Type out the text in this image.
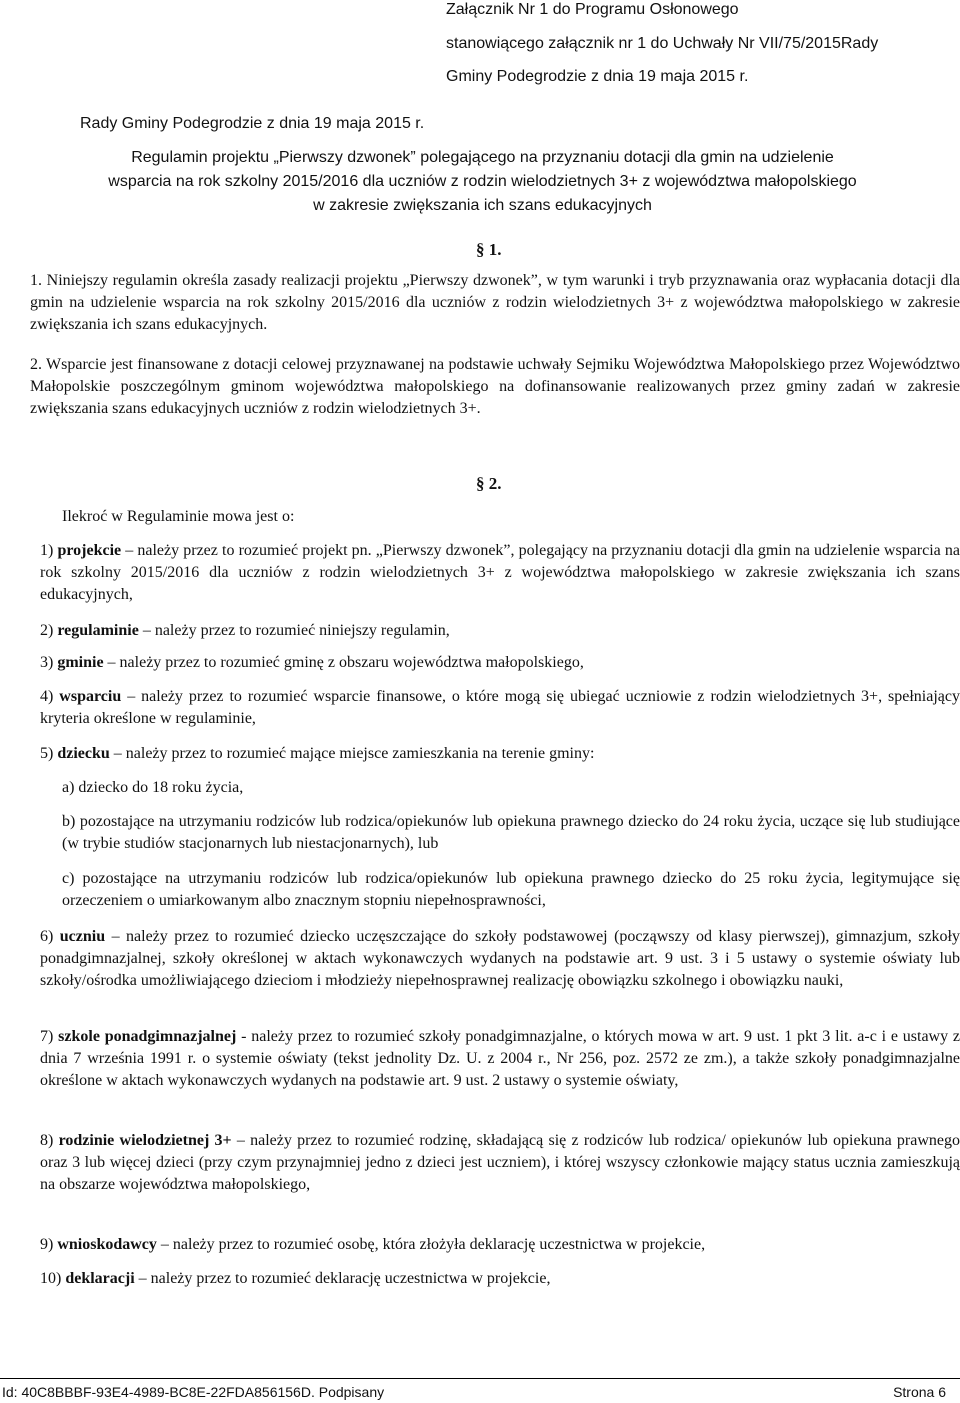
Załącznik Nr 1 do Programu Osłonowego
stanowiącego załącznik nr 1 do Uchwały Nr VII/75/2015Rady
Gminy Podegrodzie z dnia 19 maja 2015 r.
Rady Gminy Podegrodzie z dnia 19 maja 2015 r.
Regulamin projektu „Pierwszy dzwonek” polegającego na przyznaniu dotacji dla gmin na udzielenie
wsparcia na rok szkolny 2015/2016 dla uczniów z rodzin wielodzietnych 3+ z województwa małopolskiego
w zakresie zwiększania ich szans edukacyjnych
§ 1.
1. Niniejszy regulamin określa zasady realizacji projektu „Pierwszy dzwonek”, w tym warunki i tryb przyznawania oraz wypłacania dotacji dla gmin na udzielenie wsparcia na rok szkolny 2015/2016 dla uczniów z rodzin wielodzietnych 3+ z województwa małopolskiego w zakresie zwiększania ich szans edukacyjnych.
2. Wsparcie jest finansowane z dotacji celowej przyznawanej na podstawie uchwały Sejmiku Województwa Małopolskiego przez Województwo Małopolskie poszczególnym gminom województwa małopolskiego na dofinansowanie realizowanych przez gminy zadań w zakresie zwiększania szans edukacyjnych uczniów z rodzin wielodzietnych 3+.
§ 2.
Ilekroć w Regulaminie mowa jest o:
1) projekcie – należy przez to rozumieć projekt pn. „Pierwszy dzwonek”, polegający na przyznaniu dotacji dla gmin na udzielenie wsparcia na rok szkolny 2015/2016 dla uczniów z rodzin wielodzietnych 3+ z województwa małopolskiego w zakresie zwiększania ich szans edukacyjnych,
2) regulaminie – należy przez to rozumieć niniejszy regulamin,
3) gminie – należy przez to rozumieć gminę z obszaru województwa małopolskiego,
4) wsparciu – należy przez to rozumieć wsparcie finansowe, o które mogą się ubiegać uczniowie z rodzin wielodzietnych 3+, spełniający kryteria określone w regulaminie,
5) dziecku – należy przez to rozumieć mające miejsce zamieszkania na terenie gminy:
a) dziecko do 18 roku życia,
b) pozostające na utrzymaniu rodziców lub rodzica/opiekunów lub opiekuna prawnego dziecko do 24 roku życia, uczące się lub studiujące (w trybie studiów stacjonarnych lub niestacjonarnych), lub
c) pozostające na utrzymaniu rodziców lub rodzica/opiekunów lub opiekuna prawnego dziecko do 25 roku życia, legitymujące się orzeczeniem o umiarkowanym albo znacznym stopniu niepełnosprawności,
6) uczniu – należy przez to rozumieć dziecko uczęszczające do szkoły podstawowej (począwszy od klasy pierwszej), gimnazjum, szkoły ponadgimnazjalnej, szkoły określonej w aktach wykonawczych wydanych na podstawie art. 9 ust. 3 i 5 ustawy o systemie oświaty lub szkoły/ośrodka umożliwiającego dzieciom i młodzieży niepełnosprawnej realizację obowiązku szkolnego i obowiązku nauki,
7) szkole ponadgimnazjalnej - należy przez to rozumieć szkoły ponadgimnazjalne, o których mowa w art. 9 ust. 1 pkt 3 lit. a-c i e ustawy z dnia 7 września 1991 r. o systemie oświaty (tekst jednolity Dz. U. z 2004 r., Nr 256, poz. 2572 ze zm.), a także szkoły ponadgimnazjalne określone w aktach wykonawczych wydanych na podstawie art. 9 ust. 2 ustawy o systemie oświaty,
8) rodzinie wielodzietnej 3+ – należy przez to rozumieć rodzinę, składającą się z rodziców lub rodzica/ opiekunów lub opiekuna prawnego oraz 3 lub więcej dzieci (przy czym przynajmniej jedno z dzieci jest uczniem), i której wszyscy członkowie mający status ucznia zamieszkują na obszarze województwa małopolskiego,
9) wnioskodawcy – należy przez to rozumieć osobę, która złożyła deklarację uczestnictwa w projekcie,
10) deklaracji – należy przez to rozumieć deklarację uczestnictwa w projekcie,
Id: 40C8BBBF-93E4-4989-BC8E-22FDA856156D. Podpisany	Strona 6
